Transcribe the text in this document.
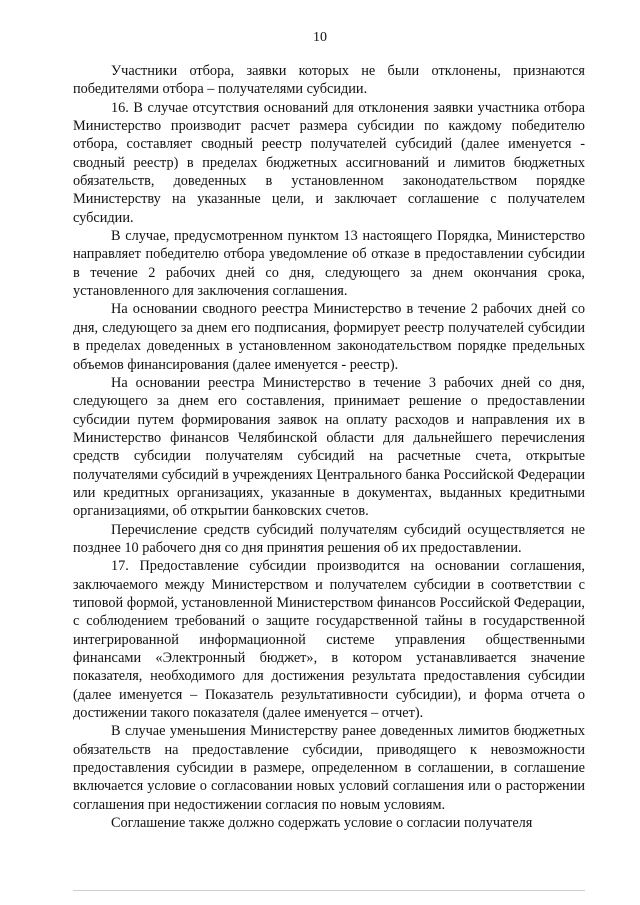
10

Участники отбора, заявки которых не были отклонены, признаются победителями отбора – получателями субсидии.

16. В случае отсутствия оснований для отклонения заявки участника отбора Министерство производит расчет размера субсидии по каждому победителю отбора, составляет сводный реестр получателей субсидий (далее именуется - сводный реестр) в пределах бюджетных ассигнований и лимитов бюджетных обязательств, доведенных в установленном законодательством порядке Министерству на указанные цели, и заключает соглашение с получателем субсидии.

В случае, предусмотренном пунктом 13 настоящего Порядка, Министерство направляет победителю отбора уведомление об отказе в предоставлении субсидии в течение 2 рабочих дней со дня, следующего за днем окончания срока, установленного для заключения соглашения.

На основании сводного реестра Министерство в течение 2 рабочих дней со дня, следующего за днем его подписания, формирует реестр получателей субсидии в пределах доведенных в установленном законодательством порядке предельных объемов финансирования (далее именуется - реестр).

На основании реестра Министерство в течение 3 рабочих дней со дня, следующего за днем его составления, принимает решение о предоставлении субсидии путем формирования заявок на оплату расходов и направления их в Министерство финансов Челябинской области для дальнейшего перечисления средств субсидии получателям субсидий на расчетные счета, открытые получателями субсидий в учреждениях Центрального банка Российской Федерации или кредитных организациях, указанные в документах, выданных кредитными организациями, об открытии банковских счетов.

Перечисление средств субсидий получателям субсидий осуществляется не позднее 10 рабочего дня со дня принятия решения об их предоставлении.

17. Предоставление субсидии производится на основании соглашения, заключаемого между Министерством и получателем субсидии в соответствии с типовой формой, установленной Министерством финансов Российской Федерации, с соблюдением требований о защите государственной тайны в государственной интегрированной информационной системе управления общественными финансами «Электронный бюджет», в котором устанавливается значение показателя, необходимого для достижения результата предоставления субсидии (далее именуется – Показатель результативности субсидии), и форма отчета о достижении такого показателя (далее именуется – отчет).

В случае уменьшения Министерству ранее доведенных лимитов бюджетных обязательств на предоставление субсидии, приводящего к невозможности предоставления субсидии в размере, определенном в соглашении, в соглашение включается условие о согласовании новых условий соглашения или о расторжении соглашения при недостижении согласия по новым условиям.

Соглашение также должно содержать условие о согласии получателя
